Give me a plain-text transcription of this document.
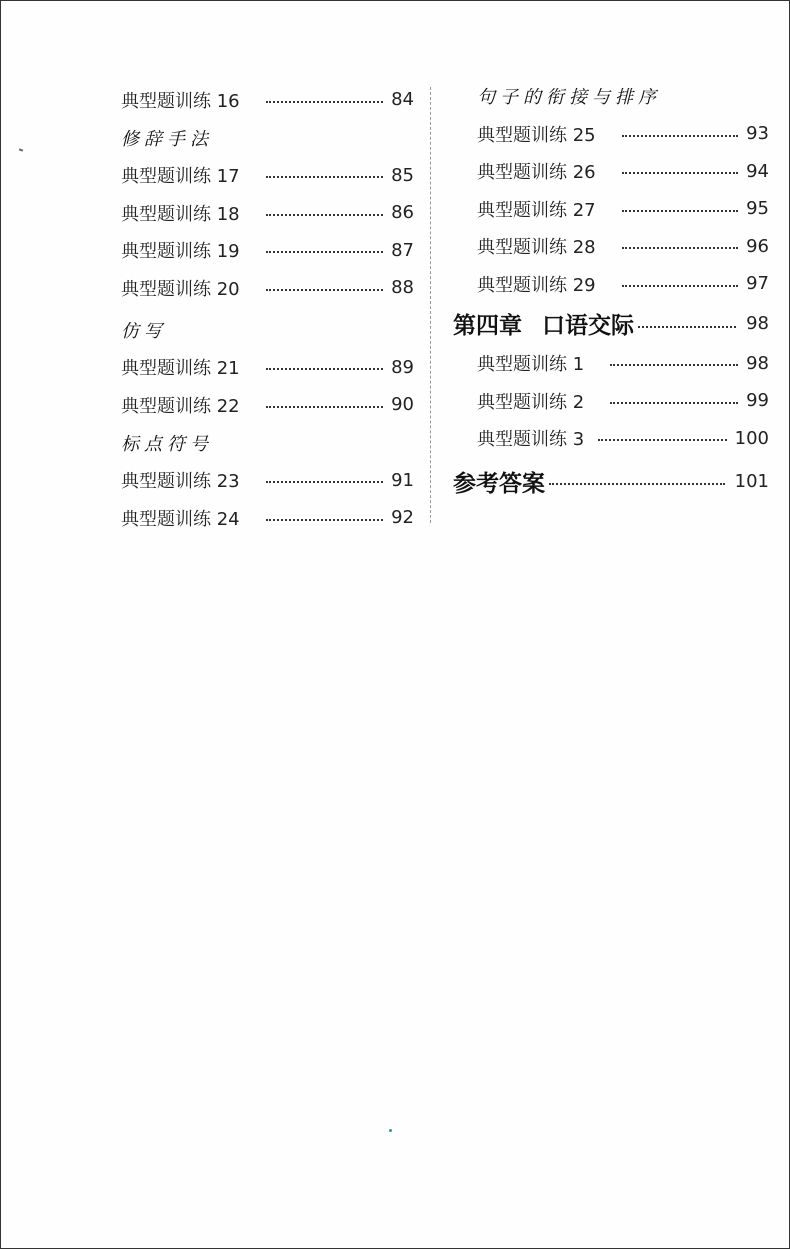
典型题训练 16	84
修辞手法
典型题训练 17	85
典型题训练 18	86
典型题训练 19	87
典型题训练 20	88
仿写
典型题训练 21	89
典型题训练 22	90
标点符号
典型题训练 23	91
典型题训练 24	92
句子的衔接与排序
典型题训练 25	93
典型题训练 26	94
典型题训练 27	95
典型题训练 28	96
典型题训练 29	97
第四章 口语交际	98
典型题训练 1	98
典型题训练 2	99
典型题训练 3	100
参考答案	101
